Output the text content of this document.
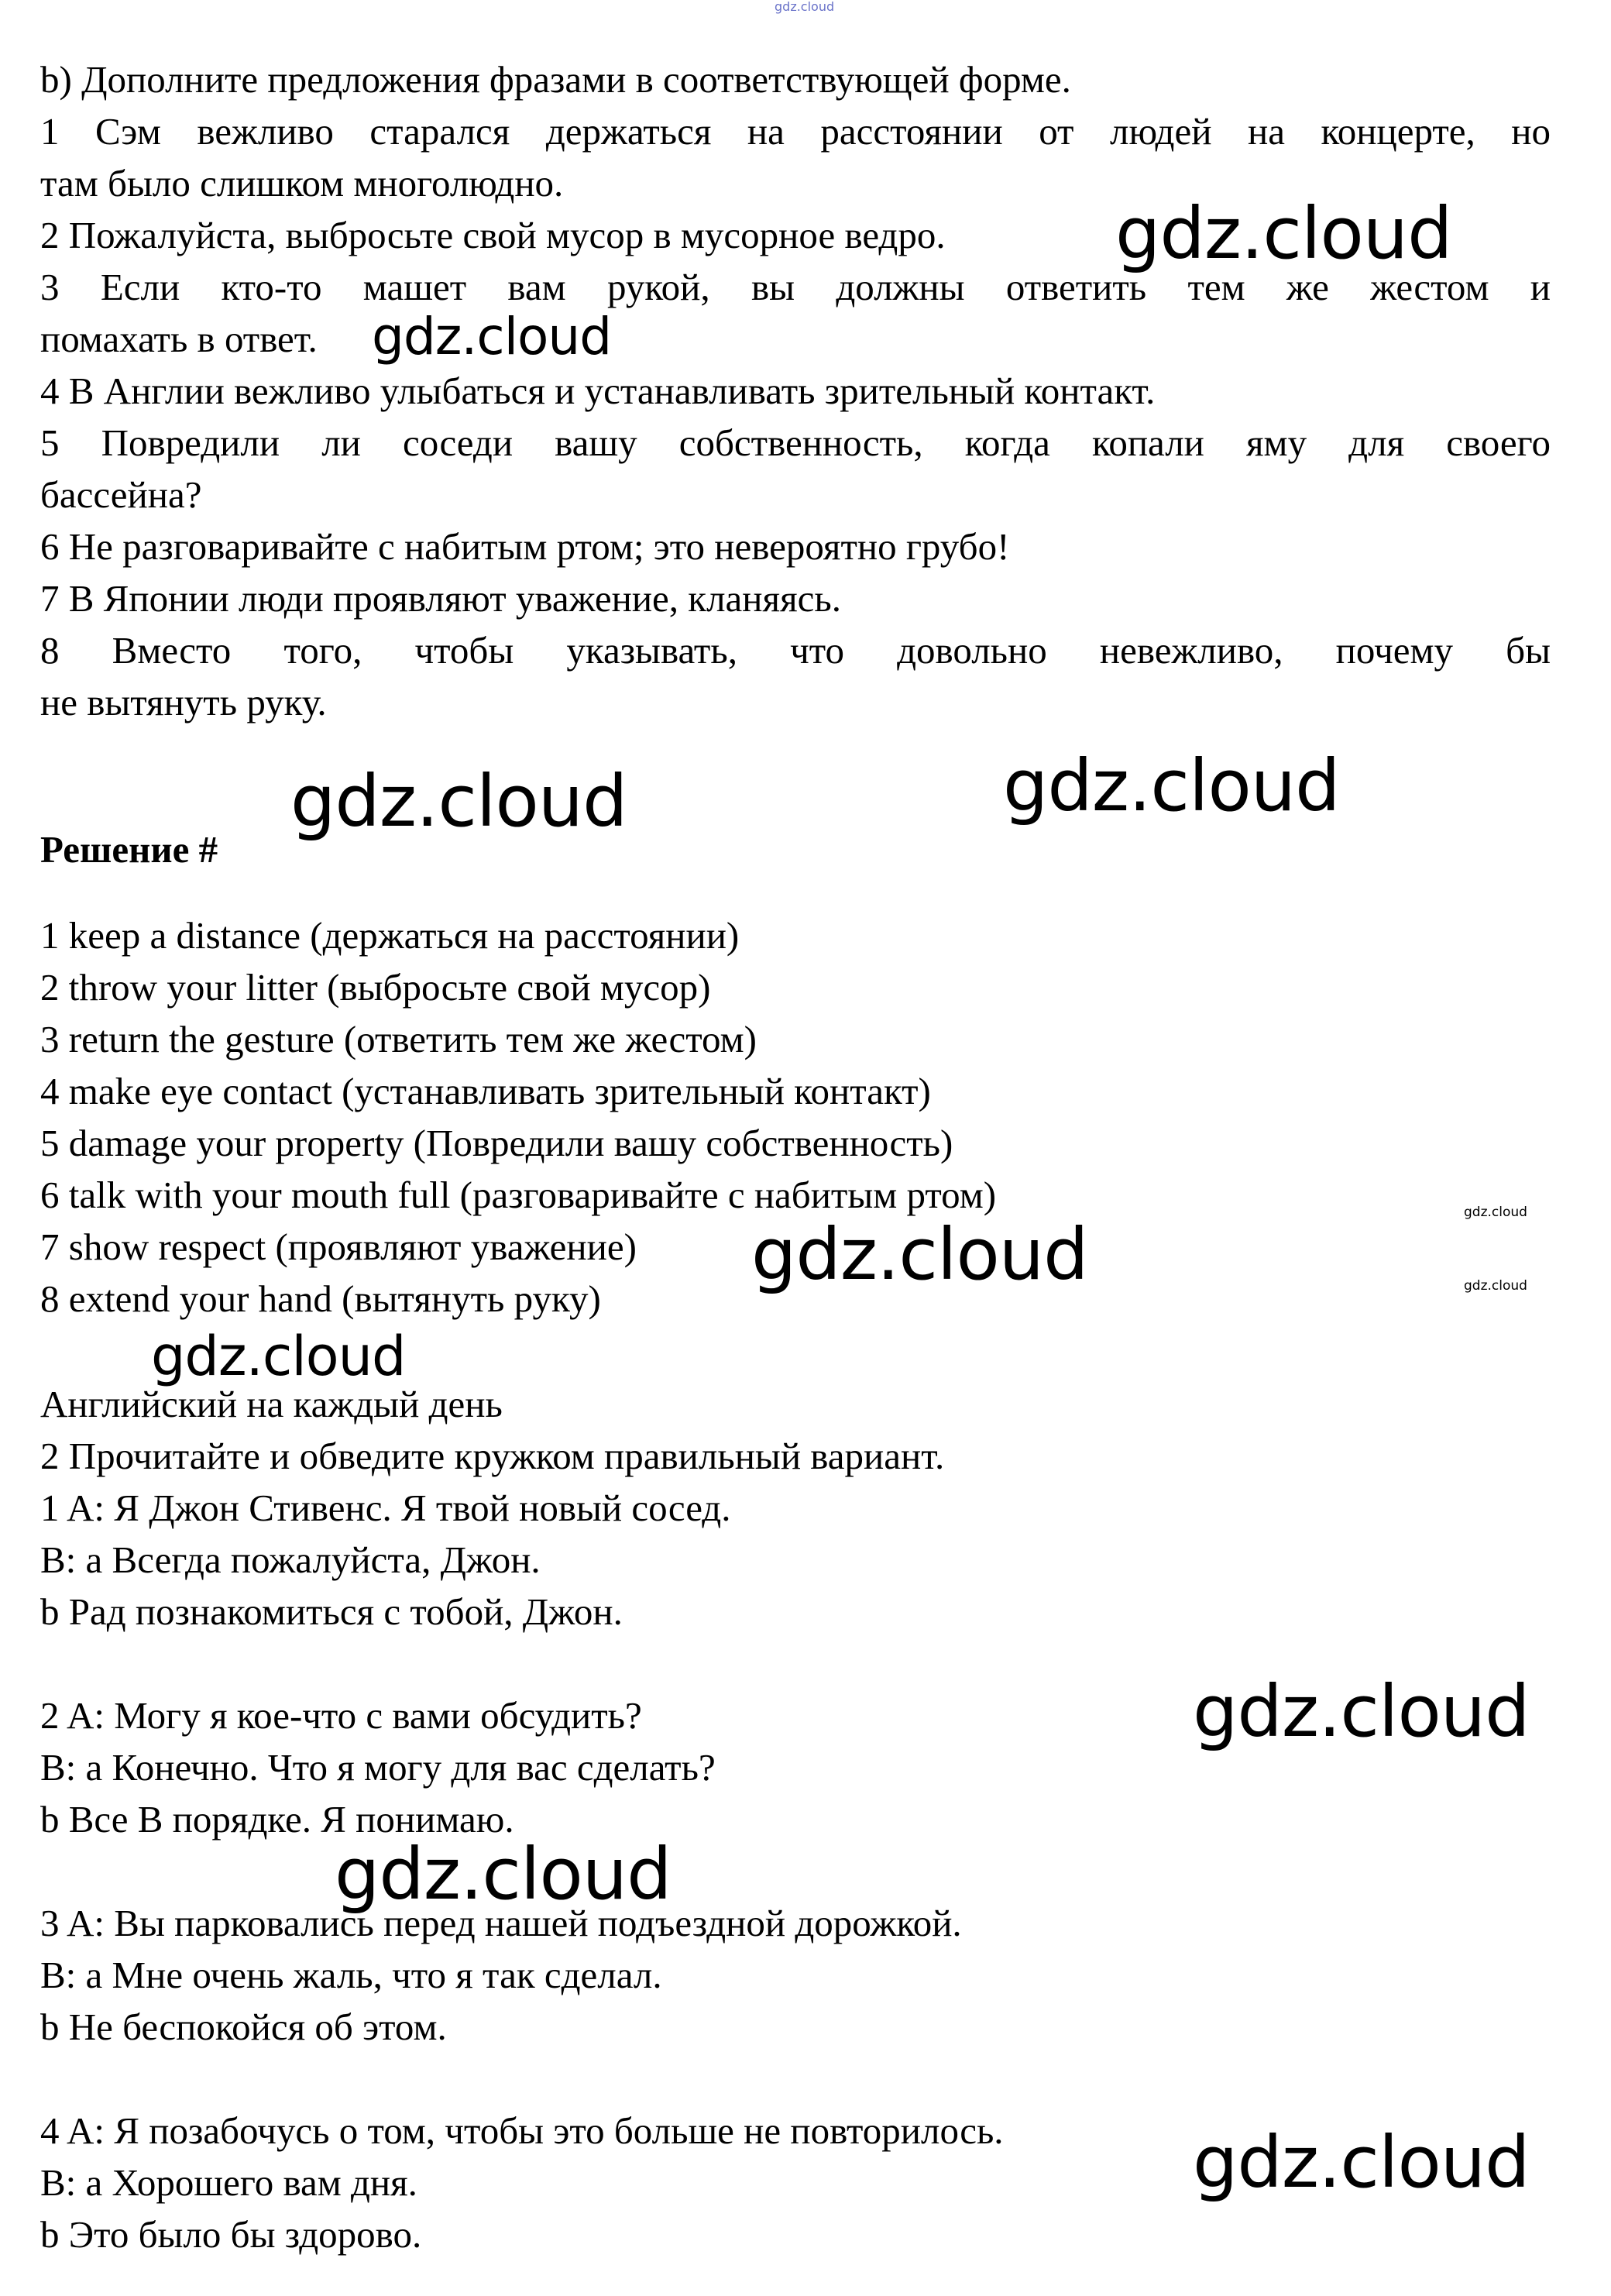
gdz.cloud

b) Дополните предложения фразами в соответствующей форме.

1 Сэм вежливо старался держаться на расстоянии от людей на концерте, но

там было слишком многолюдно.

2 Пожалуйста, выбросьте свой мусор в мусорное ведро.

3 Если кто-то машет вам рукой, вы должны ответить тем же жестом и

помахать в ответ.

4 В Англии вежливо улыбаться и устанавливать зрительный контакт.

5 Повредили ли соседи вашу собственность, когда копали яму для своего

бассейна?

6 Не разговаривайте с набитым ртом; это невероятно грубо!

7 В Японии люди проявляют уважение, кланяясь.

8 Вместо того, чтобы указывать, что довольно невежливо, почему бы

не вытянуть руку.

Решение #

1 keep a distance (держаться на расстоянии)

2 throw your litter (выбросьте свой мусор)

3 return the gesture (ответить тем же жестом)

4 make eye contact (устанавливать зрительный контакт)

5 damage your property (Повредили вашу собственность)

6 talk with your mouth full (разговаривайте с набитым ртом)

7 show respect (проявляют уважение)

8 extend your hand (вытянуть руку)

Английский на каждый день

2 Прочитайте и обведите кружком правильный вариант.

1 A: Я Джон Стивенс. Я твой новый сосед.

B: a Всегда пожалуйста, Джон.

b Рад познакомиться с тобой, Джон.

2 A: Могу я кое-что с вами обсудить?

B: a Конечно. Что я могу для вас сделать?

b Все В порядке. Я понимаю.

3 A: Вы парковались перед нашей подъездной дорожкой.

B: a Мне очень жаль, что я так сделал.

b Не беспокойся об этом.

4 A: Я позабочусь о том, чтобы это больше не повторилось.

B: a Хорошего вам дня.

b Это было бы здорово.

gdz.cloud
gdz.cloud
gdz.cloud	gdz.cloud
gdz.cloud
gdz.cloud
gdz.cloud
gdz.cloud
gdz.cloud
gdz.cloud
gdz.cloud
